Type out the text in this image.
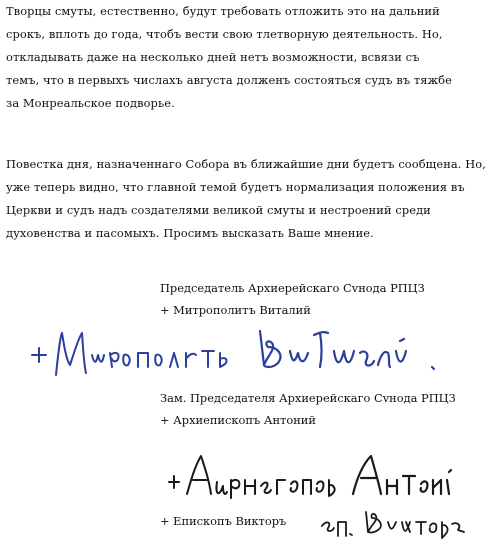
Творцы смуты, естественно, будут требовать отложить это на дальний
срокъ, вплоть до года, чтобъ вести свою тлетворную деятельность. Но,
откладывать даже на несколько дней нетъ возможности, всвязи съ
темъ, что в первыхъ числахъ августа долженъ состояться судъ въ тяжбе
за Монреальское подворье.
Повестка дня, назначеннаго Собора въ ближайшие дни будетъ сообщена. Но,
уже теперь видно, что главной темой будетъ нормализация положения въ
Церкви и судъ надъ создателями великой смуты и нестроений среди
духовенства и пасомыхъ. Просимъ высказать Ваше мнение.
Председатель Архиерейскаго Сvнода РПЦЗ
+ Митрополитъ Виталий
Зам. Председателя Архиерейскаго Сvнода РПЦЗ
+ Архиепископъ Антоний
+ Епископъ Викторъ
